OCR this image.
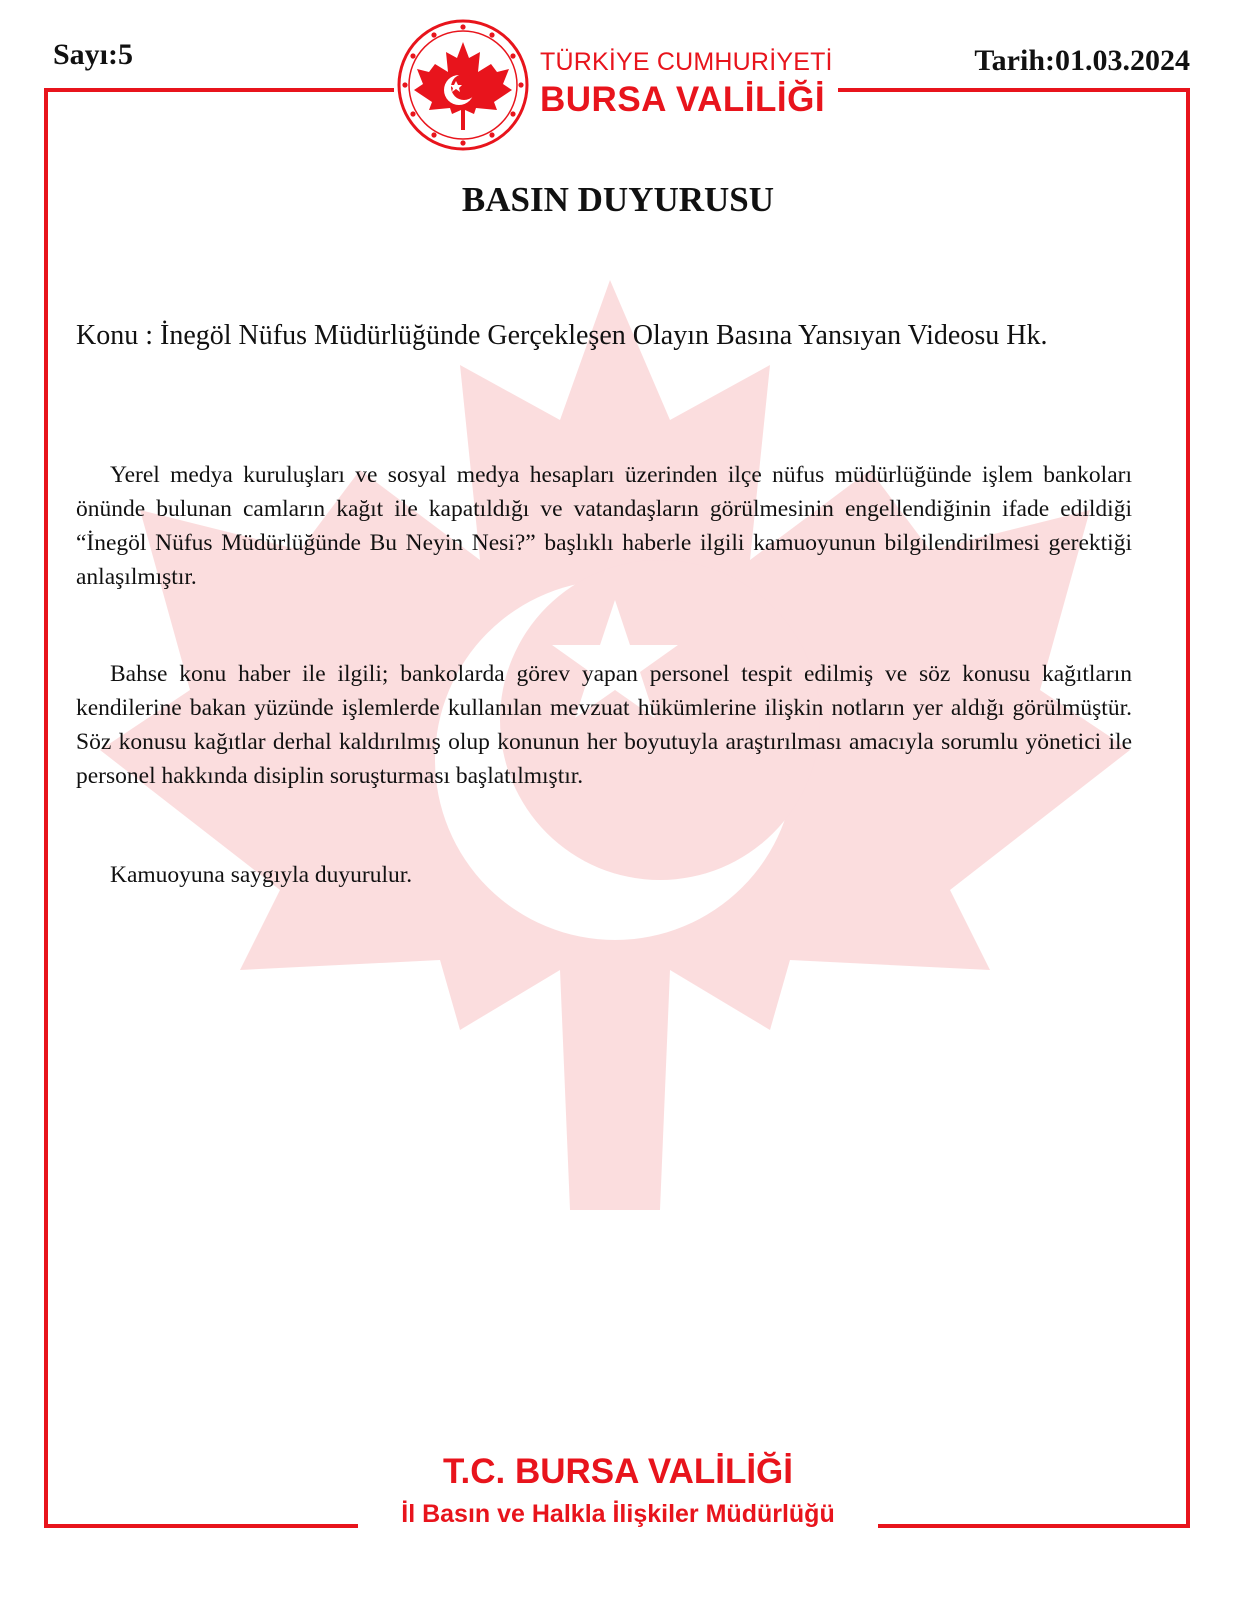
Sayı:5	Tarih:01.03.2024
TÜRKİYE CUMHURİYETİ
BURSA VALİLİĞİ
BASIN DUYURUSU
Konu : İnegöl Nüfus Müdürlüğünde Gerçekleşen Olayın Basına Yansıyan Videosu Hk.
Yerel medya kuruluşları ve sosyal medya hesapları üzerinden ilçe nüfus müdürlüğünde işlem bankoları önünde bulunan camların kağıt ile kapatıldığı ve vatandaşların görülmesinin engellendiğinin ifade edildiği “İnegöl Nüfus Müdürlüğünde Bu Neyin Nesi?” başlıklı haberle ilgili kamuoyunun bilgilendirilmesi gerektiği anlaşılmıştır.
Bahse konu haber ile ilgili; bankolarda görev yapan personel tespit edilmiş ve söz konusu kağıtların kendilerine bakan yüzünde işlemlerde kullanılan mevzuat hükümlerine ilişkin notların yer aldığı görülmüştür. Söz konusu kağıtlar derhal kaldırılmış olup konunun her boyutuyla araştırılması amacıyla sorumlu yönetici ile personel hakkında disiplin soruşturması başlatılmıştır.
Kamuoyuna saygıyla duyurulur.
T.C. BURSA VALİLİĞİ
İl Basın ve Halkla İlişkiler Müdürlüğü
